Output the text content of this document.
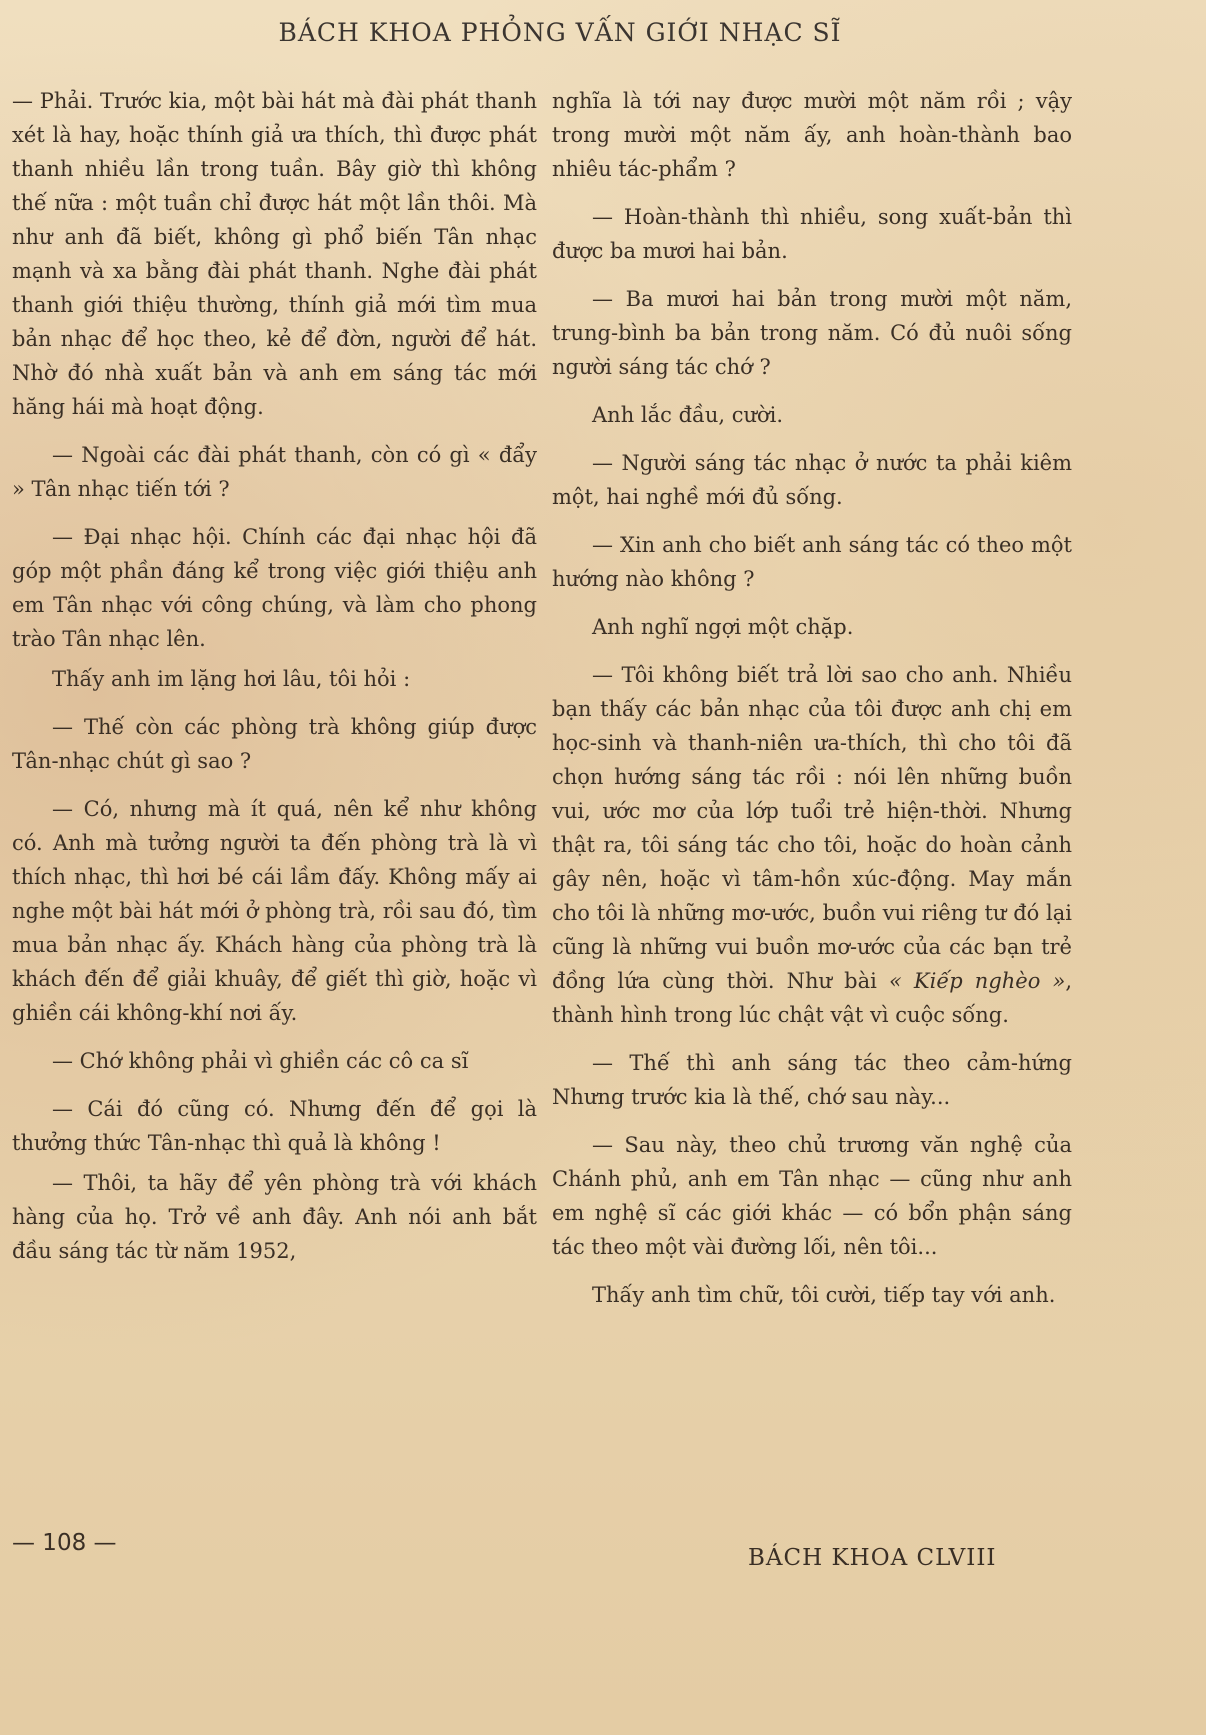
BÁCH KHOA PHỎNG VẤN GIỚI NHẠC SĨ

— Phải. Trước kia, một bài hát mà đài phát thanh xét là hay, hoặc thính giả ưa thích, thì được phát thanh nhiều lần trong tuần. Bây giờ thì không thế nữa : một tuần chỉ được hát một lần thôi. Mà như anh đã biết, không gì phổ biến Tân nhạc mạnh và xa bằng đài phát thanh. Nghe đài phát thanh giới thiệu thường, thính giả mới tìm mua bản nhạc để học theo, kẻ để đờn, người để hát. Nhờ đó nhà xuất bản và anh em sáng tác mới hăng hái mà hoạt động.

— Ngoài các đài phát thanh, còn có gì « đẩy » Tân nhạc tiến tới ?

— Đại nhạc hội. Chính các đại nhạc hội đã góp một phần đáng kể trong việc giới thiệu anh em Tân nhạc với công chúng, và làm cho phong trào Tân nhạc lên.

Thấy anh im lặng hơi lâu, tôi hỏi :

— Thế còn các phòng trà không giúp được Tân-nhạc chút gì sao ?

— Có, nhưng mà ít quá, nên kể như không có. Anh mà tưởng người ta đến phòng trà là vì thích nhạc, thì hơi bé cái lầm đấy. Không mấy ai nghe một bài hát mới ở phòng trà, rồi sau đó, tìm mua bản nhạc ấy. Khách hàng của phòng trà là khách đến để giải khuây, để giết thì giờ, hoặc vì ghiền cái không-khí nơi ấy.

— Chớ không phải vì ghiền các cô ca sĩ

— Cái đó cũng có. Nhưng đến để gọi là thưởng thức Tân-nhạc thì quả là không !

— Thôi, ta hãy để yên phòng trà với khách hàng của họ. Trở về anh đây. Anh nói anh bắt đầu sáng tác từ năm 1952,

nghĩa là tới nay được mười một năm rồi ; vậy trong mười một năm ấy, anh hoàn-thành bao nhiêu tác-phẩm ?

— Hoàn-thành thì nhiều, song xuất-bản thì được ba mươi hai bản.

— Ba mươi hai bản trong mười một năm, trung-bình ba bản trong năm. Có đủ nuôi sống người sáng tác chớ ?

Anh lắc đầu, cười.

— Người sáng tác nhạc ở nước ta phải kiêm một, hai nghề mới đủ sống.

— Xin anh cho biết anh sáng tác có theo một hướng nào không ?

Anh nghĩ ngợi một chặp.

— Tôi không biết trả lời sao cho anh. Nhiều bạn thấy các bản nhạc của tôi được anh chị em học-sinh và thanh-niên ưa-thích, thì cho tôi đã chọn hướng sáng tác rồi : nói lên những buồn vui, ước mơ của lớp tuổi trẻ hiện-thời. Nhưng thật ra, tôi sáng tác cho tôi, hoặc do hoàn cảnh gây nên, hoặc vì tâm-hồn xúc-động. May mắn cho tôi là những mơ-ước, buồn vui riêng tư đó lại cũng là những vui buồn mơ-ước của các bạn trẻ đồng lứa cùng thời. Như bài « Kiếp nghèo », thành hình trong lúc chật vật vì cuộc sống.

— Thế thì anh sáng tác theo cảm-hứng Nhưng trước kia là thế, chớ sau này...

— Sau này, theo chủ trương văn nghệ của Chánh phủ, anh em Tân nhạc — cũng như anh em nghệ sĩ các giới khác — có bổn phận sáng tác theo một vài đường lối, nên tôi...

Thấy anh tìm chữ, tôi cười, tiếp tay với anh.

— 108 —
BÁCH KHOA CLVIII
